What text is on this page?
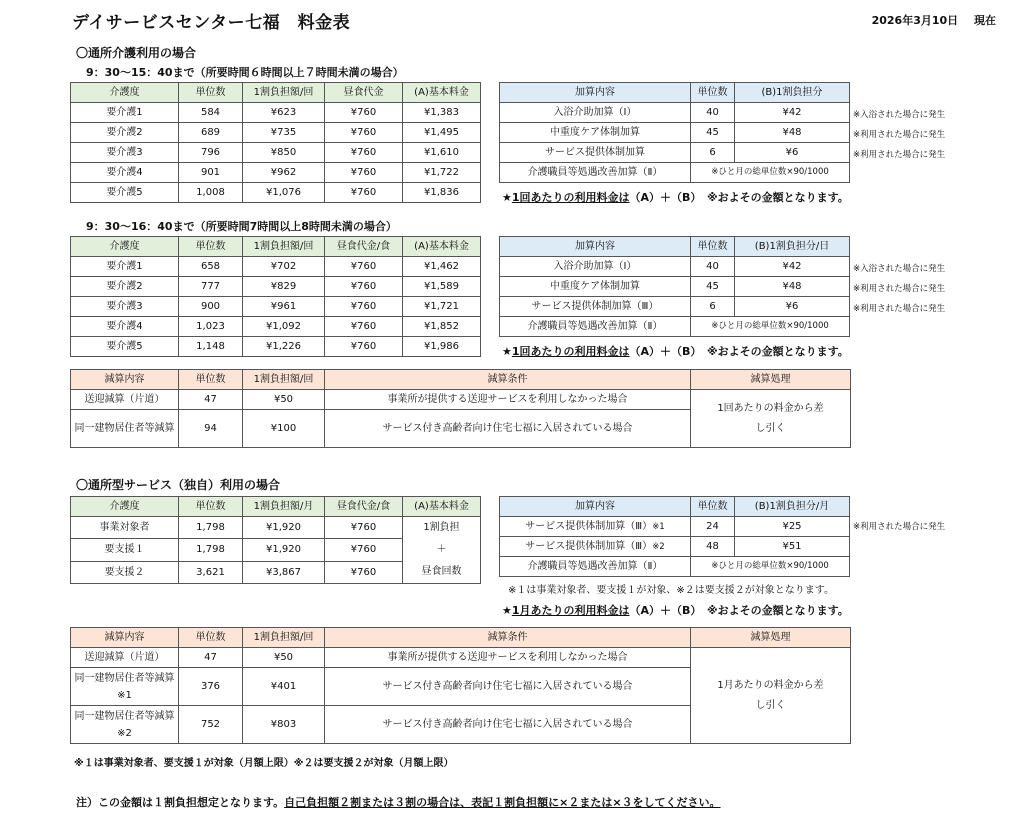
デイサービスセンター七福　料金表	2026年3月10日 現在
〇通所介護利用の場合
9：30～15：40まで（所要時間６時間以上７時間未満の場合）
介護度	単位数	1割負担額/回	昼食代金	(A)基本料金
要介護1	584	¥623	¥760	¥1,383
要介護2	689	¥735	¥760	¥1,495
要介護3	796	¥850	¥760	¥1,610
要介護4	901	¥962	¥760	¥1,722
要介護5	1,008	¥1,076	¥760	¥1,836
加算内容	単位数	(B)1割負担分
入浴介助加算（Ⅰ）	40	¥42
中重度ケア体制加算	45	¥48
サービス提供体制加算	6	¥6
介護職員等処遇改善加算（Ⅱ）	※ひと月の総単位数×90/1000	
※入浴された場合に発生
※利用された場合に発生
※利用された場合に発生
★1回あたりの利用料金は（A）＋（B）　 ※およその金額となります。
9：30～16：40まで（所要時間7時間以上8時間未満の場合）
介護度	単位数	1割負担額/回	昼食代金/食	(A)基本料金
要介護1	658	¥702	¥760	¥1,462
要介護2	777	¥829	¥760	¥1,589
要介護3	900	¥961	¥760	¥1,721
要介護4	1,023	¥1,092	¥760	¥1,852
要介護5	1,148	¥1,226	¥760	¥1,986
加算内容	単位数	(B)1割負担分/日
入浴介助加算（Ⅰ）	40	¥42
中重度ケア体制加算	45	¥48
サービス提供体制加算（Ⅲ）	6	¥6
介護職員等処遇改善加算（Ⅱ）	※ひと月の総単位数×90/1000	
※入浴された場合に発生
※利用された場合に発生
※利用された場合に発生
★1回あたりの利用料金は（A）＋（B）　 ※およその金額となります。
減算内容	単位数	1割負担額/回	減算条件	減算処理
送迎減算（片道）	47	¥50	事業所が提供する送迎サービスを利用しなかった場合	1回あたりの料金から差し引く
同一建物居住者等減算	94	¥100	サービス付き高齢者向け住宅七福に入居されている場合	
〇通所型サービス（独自）利用の場合
介護度	単位数	1割負担額/月	昼食代金/食	(A)基本料金
事業対象者	1,798	¥1,920	¥760	1割負担
＋
昼食回数

要支援１	1,798	¥1,920	¥760	
要支援２	3,621	¥3,867	¥760	
加算内容	単位数	(B)1割負担分/月
サービス提供体制加算（Ⅲ）※1	24	¥25
サービス提供体制加算（Ⅲ）※2	48	¥51
介護職員等処遇改善加算（Ⅱ）	※ひと月の総単位数×90/1000	
※利用された場合に発生
※１は事業対象者、要支援１が対象、※２は要支援２が対象となります。
★1月あたりの利用料金は（A）＋（B）　 ※およその金額となります。
減算内容	単位数	1割負担額/回	減算条件	減算処理
送迎減算（片道）	47	¥50	事業所が提供する送迎サービスを利用しなかった場合	1月あたりの料金から差し引く
同一建物居住者等減算　※1	376	¥401	サービス付き高齢者向け住宅七福に入居されている場合	
同一建物居住者等減算　※2	752	¥803	サービス付き高齢者向け住宅七福に入居されている場合	
※１は事業対象者、要支援１が対象（月額上限）※２は要支援２が対象（月額上限）
注）この金額は１割負担想定となります。自己負担額２割または３割の場合は、表記１割負担額に×２または×３をしてください。
